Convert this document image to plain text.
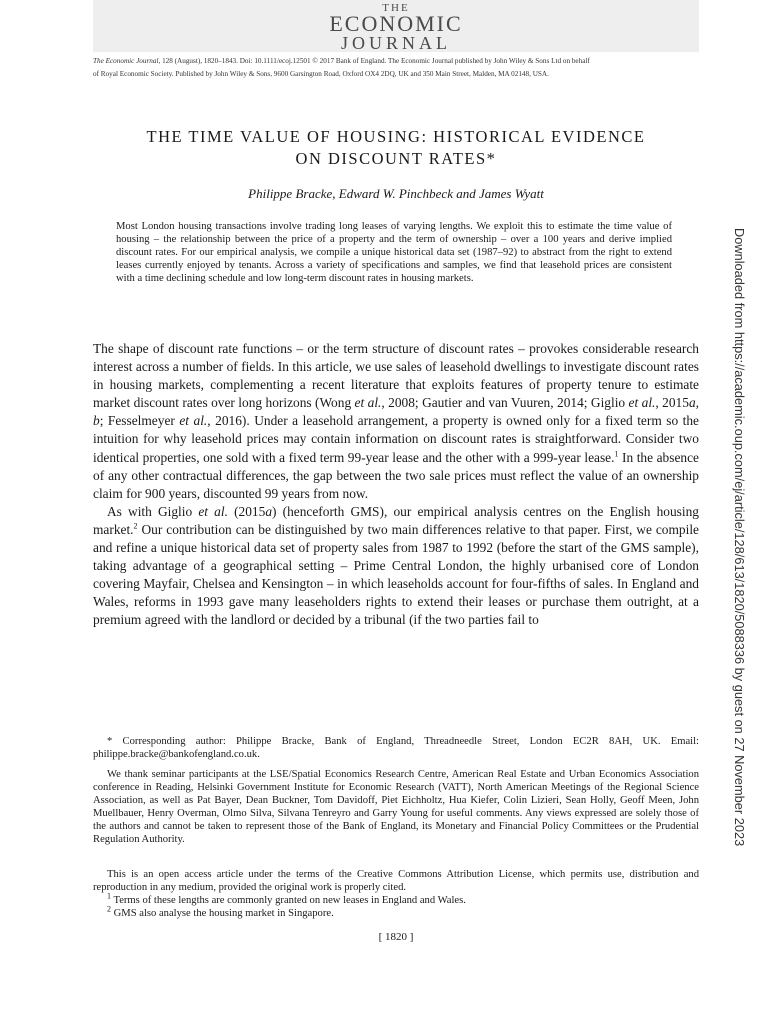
THE
ECONOMIC
JOURNAL
The Economic Journal, 128 (August), 1820–1843. Doi: 10.1111/ecoj.12501 © 2017 Bank of England. The Economic Journal published by John Wiley & Sons Ltd on behalf
of Royal Economic Society. Published by John Wiley & Sons, 9600 Garsington Road, Oxford OX4 2DQ, UK and 350 Main Street, Malden, MA 02148, USA.
THE TIME VALUE OF HOUSING: HISTORICAL EVIDENCE
ON DISCOUNT RATES*
Philippe Bracke, Edward W. Pinchbeck and James Wyatt
Most London housing transactions involve trading long leases of varying lengths. We exploit this to estimate the time value of housing – the relationship between the price of a property and the term of ownership – over a 100 years and derive implied discount rates. For our empirical analysis, we compile a unique historical data set (1987–92) to abstract from the right to extend leases currently enjoyed by tenants. Across a variety of specifications and samples, we find that leasehold prices are consistent with a time declining schedule and low long-term discount rates in housing markets.

The shape of discount rate functions – or the term structure of discount rates – provokes considerable research interest across a number of fields. In this article, we use sales of leasehold dwellings to investigate discount rates in housing markets, complementing a recent literature that exploits features of property tenure to estimate market discount rates over long horizons (Wong et al., 2008; Gautier and van Vuuren, 2014; Giglio et al., 2015a, b; Fesselmeyer et al., 2016). Under a leasehold arrangement, a property is owned only for a fixed term so the intuition for why leasehold prices may contain information on discount rates is straightforward. Consider two identical properties, one sold with a fixed term 99-year lease and the other with a 999-year lease.$^1$ In the absence of any other contractual differences, the gap between the two sale prices must reflect the value of an ownership claim for 900 years, discounted 99 years from now.

As with Giglio et al. (2015a) (henceforth GMS), our empirical analysis centres on the English housing market.$^2$ Our contribution can be distinguished by two main differences relative to that paper. First, we compile and refine a unique historical data set of property sales from 1987 to 1992 (before the start of the GMS sample), taking advantage of a geographical setting – Prime Central London, the highly urbanised core of London covering Mayfair, Chelsea and Kensington – in which leaseholds account for four-fifths of sales. In England and Wales, reforms in 1993 gave many leaseholders rights to extend their leases or purchase them outright, at a premium agreed with the landlord or decided by a tribunal (if the two parties fail to

* Corresponding author: Philippe Bracke, Bank of England, Threadneedle Street, London EC2R 8AH, UK. Email: philippe.bracke@bankofengland.co.uk.

We thank seminar participants at the LSE/Spatial Economics Research Centre, American Real Estate and Urban Economics Association conference in Reading, Helsinki Government Institute for Economic Research (VATT), North American Meetings of the Regional Science Association, as well as Pat Bayer, Dean Buckner, Tom Davidoff, Piet Eichholtz, Hua Kiefer, Colin Lizieri, Sean Holly, Geoff Meen, John Muellbauer, Henry Overman, Olmo Silva, Silvana Tenreyro and Garry Young for useful comments. Any views expressed are solely those of the authors and cannot be taken to represent those of the Bank of England, its Monetary and Financial Policy Committees or the Prudential Regulation Authority.

This is an open access article under the terms of the Creative Commons Attribution License, which permits use, distribution and reproduction in any medium, provided the original work is properly cited.

$^1$ Terms of these lengths are commonly granted on new leases in England and Wales.
$^2$ GMS also analyse the housing market in Singapore.
[ 1820 ]
Downloaded from https://academic.oup.com/ej/article/128/613/1820/5088336 by guest on 27 November 2023
